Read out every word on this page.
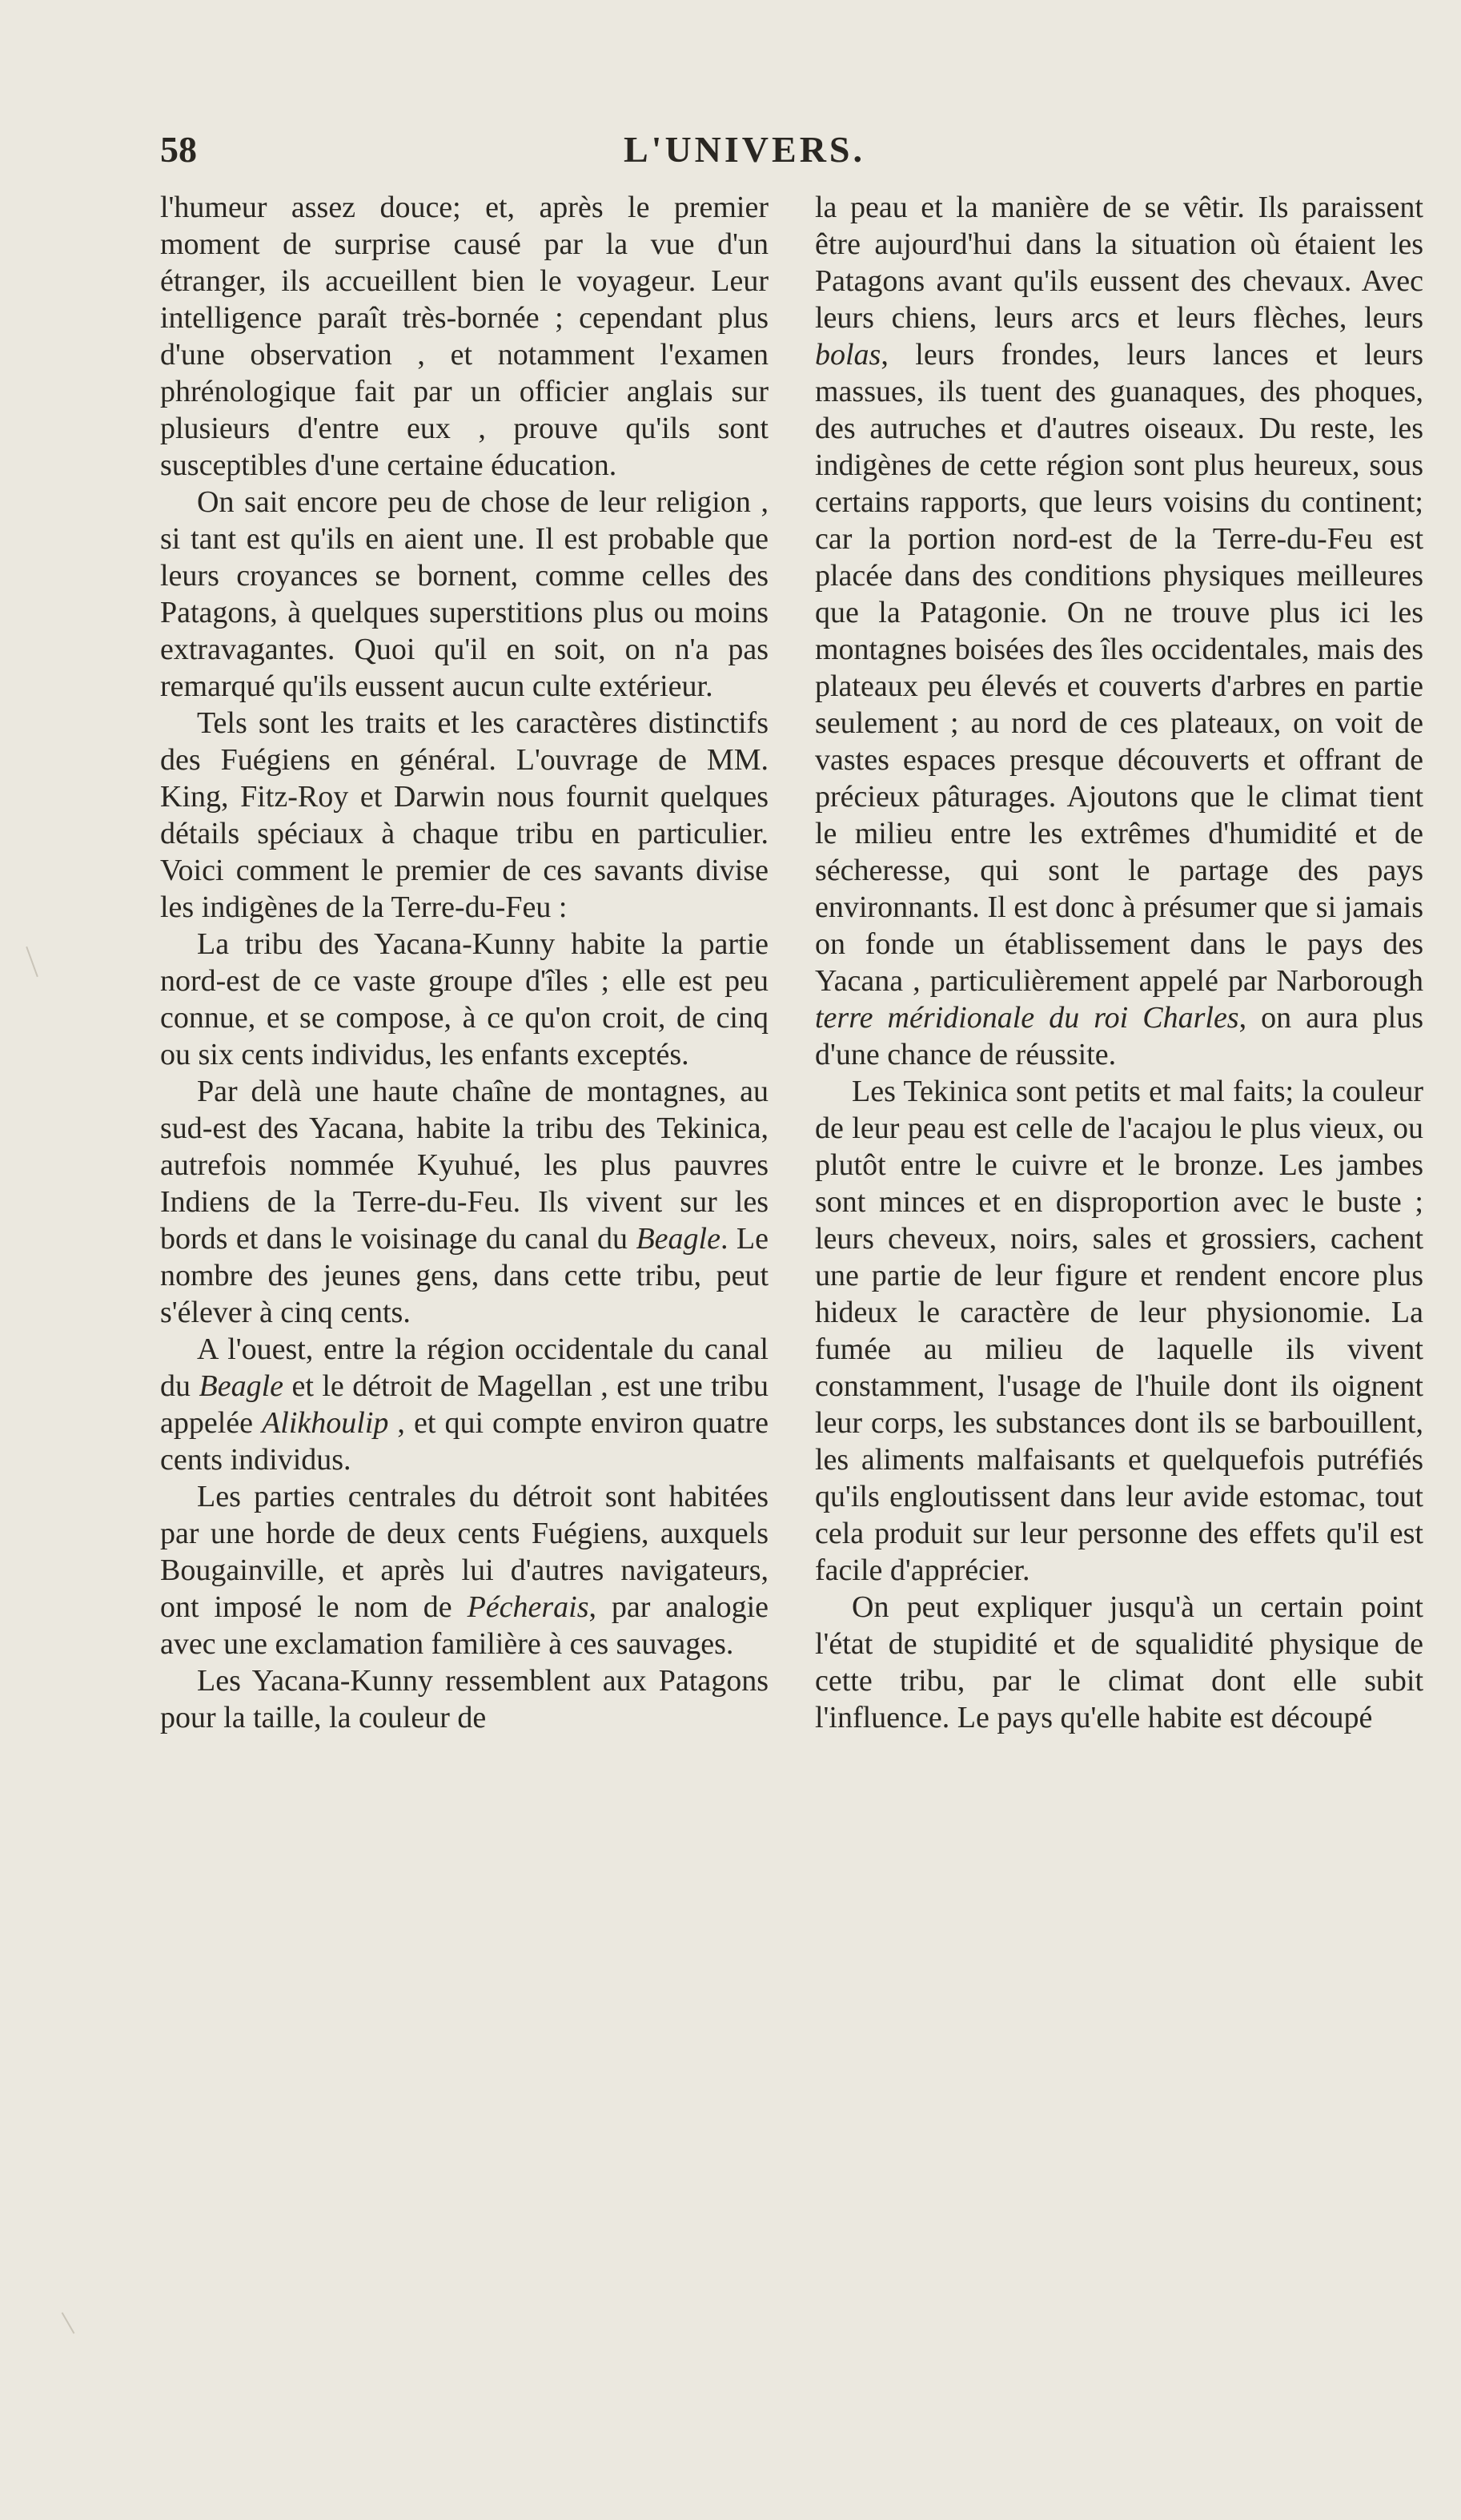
58	L'UNIVERS.

l'humeur assez douce; et, après le premier moment de surprise causé par la vue d'un étranger, ils accueillent bien le voyageur. Leur intelligence paraît très-bornée ; cependant plus d'une observation , et notamment l'examen phrénologique fait par un officier anglais sur plusieurs d'entre eux , prouve qu'ils sont susceptibles d'une certaine éducation.

On sait encore peu de chose de leur religion , si tant est qu'ils en aient une. Il est probable que leurs croyances se bornent, comme celles des Patagons, à quelques superstitions plus ou moins extravagantes. Quoi qu'il en soit, on n'a pas remarqué qu'ils eussent aucun culte extérieur.

Tels sont les traits et les caractères distinctifs des Fuégiens en général. L'ouvrage de MM. King, Fitz-Roy et Darwin nous fournit quelques détails spéciaux à chaque tribu en particulier. Voici comment le premier de ces savants divise les indigènes de la Terre-du-Feu :

La tribu des Yacana-Kunny habite la partie nord-est de ce vaste groupe d'îles ; elle est peu connue, et se compose, à ce qu'on croit, de cinq ou six cents individus, les enfants exceptés.

Par delà une haute chaîne de montagnes, au sud-est des Yacana, habite la tribu des Tekinica, autrefois nommée Kyuhué, les plus pauvres Indiens de la Terre-du-Feu. Ils vivent sur les bords et dans le voisinage du canal du Beagle. Le nombre des jeunes gens, dans cette tribu, peut s'élever à cinq cents.

A l'ouest, entre la région occidentale du canal du Beagle et le détroit de Magellan , est une tribu appelée Alikhoulip , et qui compte environ quatre cents individus.

Les parties centrales du détroit sont habitées par une horde de deux cents Fuégiens, auxquels Bougainville, et après lui d'autres navigateurs, ont imposé le nom de Pécherais, par analogie avec une exclamation familière à ces sauvages.

Les Yacana-Kunny ressemblent aux Patagons pour la taille, la couleur de

la peau et la manière de se vêtir. Ils paraissent être aujourd'hui dans la situation où étaient les Patagons avant qu'ils eussent des chevaux. Avec leurs chiens, leurs arcs et leurs flèches, leurs bolas, leurs frondes, leurs lances et leurs massues, ils tuent des guanaques, des phoques, des autruches et d'autres oiseaux. Du reste, les indigènes de cette région sont plus heureux, sous certains rapports, que leurs voisins du continent; car la portion nord-est de la Terre-du-Feu est placée dans des conditions physiques meilleures que la Patagonie. On ne trouve plus ici les montagnes boisées des îles occidentales, mais des plateaux peu élevés et couverts d'arbres en partie seulement ; au nord de ces plateaux, on voit de vastes espaces presque découverts et offrant de précieux pâturages. Ajoutons que le climat tient le milieu entre les extrêmes d'humidité et de sécheresse, qui sont le partage des pays environnants. Il est donc à présumer que si jamais on fonde un établissement dans le pays des Yacana , particulièrement appelé par Narborough terre méridionale du roi Charles, on aura plus d'une chance de réussite.

Les Tekinica sont petits et mal faits; la couleur de leur peau est celle de l'acajou le plus vieux, ou plutôt entre le cuivre et le bronze. Les jambes sont minces et en disproportion avec le buste ; leurs cheveux, noirs, sales et grossiers, cachent une partie de leur figure et rendent encore plus hideux le caractère de leur physionomie. La fumée au milieu de laquelle ils vivent constamment, l'usage de l'huile dont ils oignent leur corps, les substances dont ils se barbouillent, les aliments malfaisants et quelquefois putréfiés qu'ils engloutissent dans leur avide estomac, tout cela produit sur leur personne des effets qu'il est facile d'apprécier.

On peut expliquer jusqu'à un certain point l'état de stupidité et de squalidité physique de cette tribu, par le climat dont elle subit l'influence. Le pays qu'elle habite est découpé
